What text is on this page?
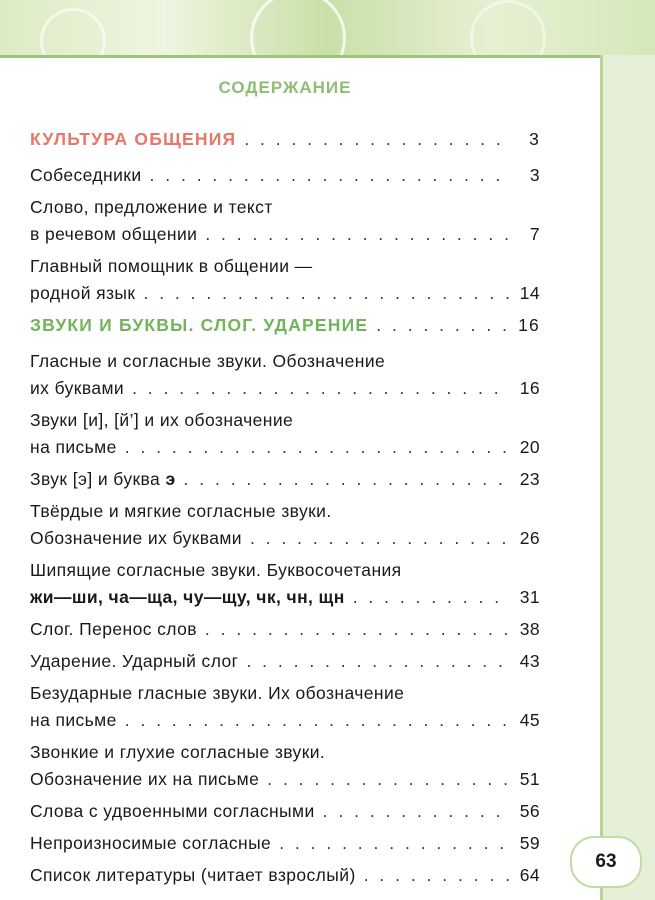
СОДЕРЖАНИЕ
КУЛЬТУРА ОБЩЕНИЯ . . .	3
Собеседники . . .	3
Слово, предложение и текст
в речевом общении . . .	7
Главный помощник в общении —
родной язык . . .	14
ЗВУКИ И БУКВЫ. СЛОГ. УДАРЕНИЕ . . .	16
Гласные и согласные звуки. Обозначение
их буквами . . .	16
Звуки [и], [й’] и их обозначение
на письме . . .	20
Звук [э] и буква э . . .	23
Твёрдые и мягкие согласные звуки.
Обозначение их буквами . . .	26
Шипящие согласные звуки. Буквосочетания
жи—ши, ча—ща, чу—щу, чк, чн, щн . . .	31
Слог. Перенос слов . . .	38
Ударение. Ударный слог . . .	43
Безударные гласные звуки. Их обозначение
на письме . . .	45
Звонкие и глухие согласные звуки.
Обозначение их на письме . . .	51
Слова с удвоенными согласными . . .	56
Непроизносимые согласные . . .	59
Список литературы (читает взрослый) . . .	64
63
